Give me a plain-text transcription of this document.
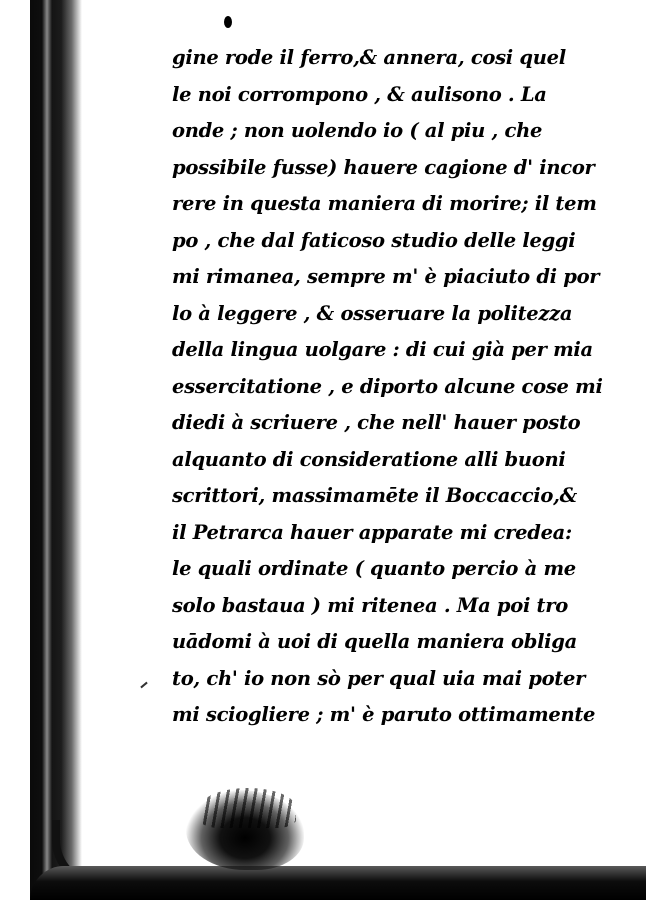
gine rode il ferro,& annera, cosi quel
le noi corrompono , & aulisono . La
onde ; non uolendo io ( al piu , che
possibile fusse) hauere cagione d' incor
rere in questa maniera di morire; il tem
po , che dal faticoso studio delle leggi
mi rimanea, sempre m' è piaciuto di por
lo à leggere , & osseruare la politezza
della lingua uolgare : di cui già per mia
essercitatione , e diporto alcune cose mi
diedi à scriuere , che nell' hauer posto
alquanto di consideratione alli buoni
scrittori, massimamēte il Boccaccio,&
il Petrarca hauer apparate mi credea:
le quali ordinate ( quanto percio à me
solo bastaua ) mi ritenea . Ma poi tro
uādomi à uoi di quella maniera obliga
to, ch' io non sò per qual uia mai poter
mi sciogliere ; m' è paruto ottimamente
